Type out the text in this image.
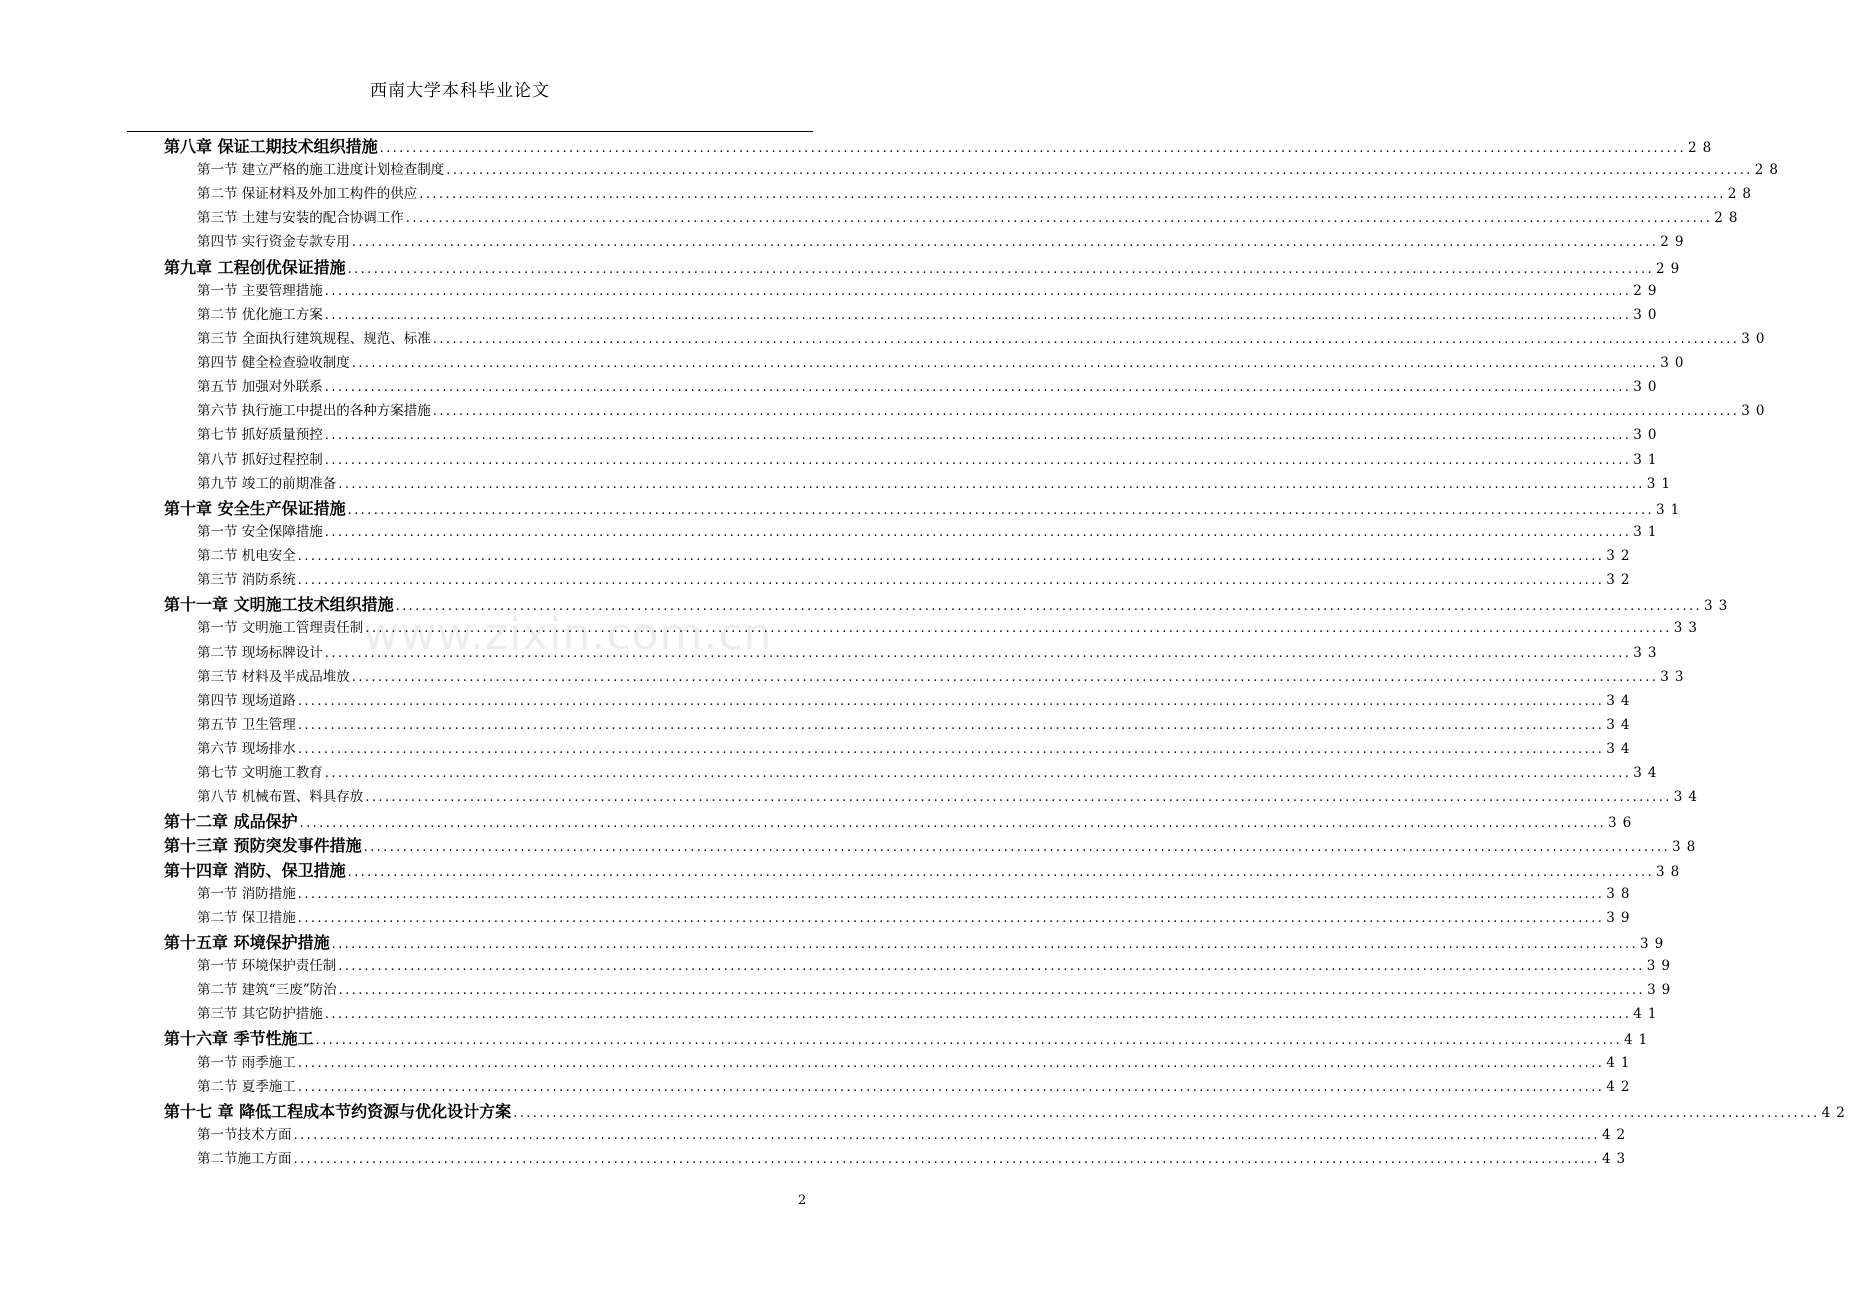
西南大学本科毕业论文
第八章 保证工期技术组织措施 .....	28
第一节 建立严格的施工进度计划检查制度 .....	28
第二节 保证材料及外加工构件的供应 .....	28
第三节 土建与安装的配合协调工作 .....	28
第四节 实行资金专款专用 .....	29
第九章 工程创优保证措施 .....	29
第一节 主要管理措施 .....	29
第二节 优化施工方案 .....	30
第三节 全面执行建筑规程、规范、标准 .....	30
第四节 健全检查验收制度 .....	30
第五节 加强对外联系 .....	30
第六节 执行施工中提出的各种方案措施 .....	30
第七节 抓好质量预控 .....	30
第八节 抓好过程控制 .....	31
第九节 竣工的前期准备 .....	31
第十章 安全生产保证措施 .....	31
第一节 安全保障措施 .....	31
第二节 机电安全 .....	32
第三节 消防系统 .....	32
第十一章 文明施工技术组织措施 .....	33
第一节 文明施工管理责任制 .....	33
第二节 现场标牌设计 .....	33
第三节 材料及半成品堆放 .....	33
第四节 现场道路 .....	34
第五节 卫生管理 .....	34
第六节 现场排水 .....	34
第七节 文明施工教育 .....	34
第八节 机械布置、料具存放 .....	34
第十二章 成品保护 .....	36
第十三章 预防突发事件措施 .....	38
第十四章 消防、保卫措施 .....	38
第一节 消防措施 .....	38
第二节 保卫措施 .....	39
第十五章 环境保护措施 .....	39
第一节 环境保护责任制 .....	39
第二节 建筑“三废”防治 .....	39
第三节 其它防护措施 .....	41
第十六章 季节性施工 .....	41
第一节 雨季施工 .....	41
第二节 夏季施工 .....	42
第十七 章 降低工程成本节约资源与优化设计方案 .....	42
第一节技术方面 .....	42
第二节施工方面 .....	43
www.zixin.com.cn
2
